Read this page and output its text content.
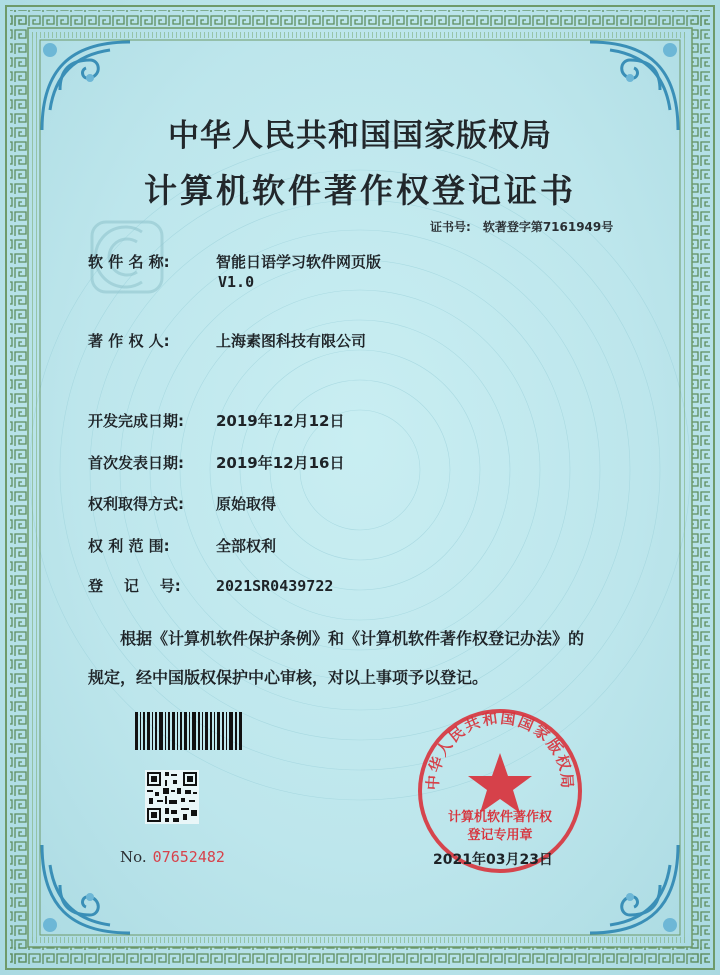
中华人民共和国国家版权局
计算机软件著作权登记证书
证书号: 软著登字第7161949号
软 件 名 称:	智能日语学习软件网页版
V1.0
著 作 权 人:	上海素图科技有限公司
开发完成日期: 2019年12月12日
首次发表日期: 2019年12月16日
权利取得方式: 原始取得
权 利 范 围:	全部权利
登    记    号: 2021SR0439722
根据《计算机软件保护条例》和《计算机软件著作权登记办法》的
规定，经中国版权保护中心审核，对以上事项予以登记。
No. 07652482
中华人民共和国国家版权局
计算机软件著作权
登记专用章
2021年03月23日
